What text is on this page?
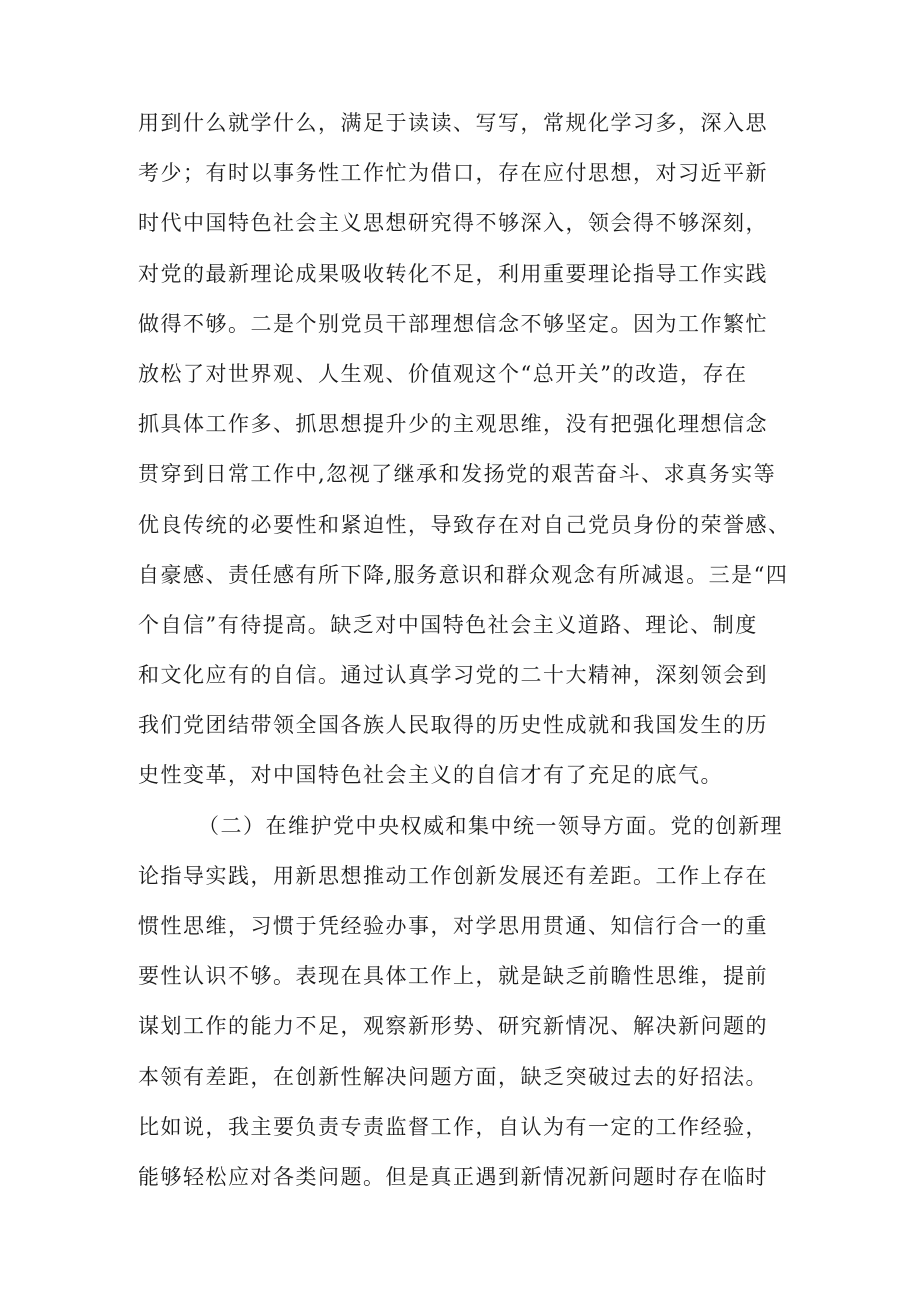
用到什么就学什么，满足于读读、写写，常规化学习多，深入思
考少；有时以事务性工作忙为借口，存在应付思想，对习近平新
时代中国特色社会主义思想研究得不够深入，领会得不够深刻，
对党的最新理论成果吸收转化不足，利用重要理论指导工作实践
做得不够。二是个别党员干部理想信念不够坚定。因为工作繁忙
放松了对世界观、人生观、价值观这个“总开关”的改造，存在
抓具体工作多、抓思想提升少的主观思维，没有把强化理想信念
贯穿到日常工作中,忽视了继承和发扬党的艰苦奋斗、求真务实等
优良传统的必要性和紧迫性，导致存在对自己党员身份的荣誉感、
自豪感、责任感有所下降,服务意识和群众观念有所减退。三是“四
个自信”有待提高。缺乏对中国特色社会主义道路、理论、制度
和文化应有的自信。通过认真学习党的二十大精神，深刻领会到
我们党团结带领全国各族人民取得的历史性成就和我国发生的历
史性变革，对中国特色社会主义的自信才有了充足的底气。
（二）在维护党中央权威和集中统一领导方面。党的创新理
论指导实践，用新思想推动工作创新发展还有差距。工作上存在
惯性思维，习惯于凭经验办事，对学思用贯通、知信行合一的重
要性认识不够。表现在具体工作上，就是缺乏前瞻性思维，提前
谋划工作的能力不足，观察新形势、研究新情况、解决新问题的
本领有差距，在创新性解决问题方面，缺乏突破过去的好招法。
比如说，我主要负责专责监督工作，自认为有一定的工作经验，
能够轻松应对各类问题。但是真正遇到新情况新问题时存在临时
